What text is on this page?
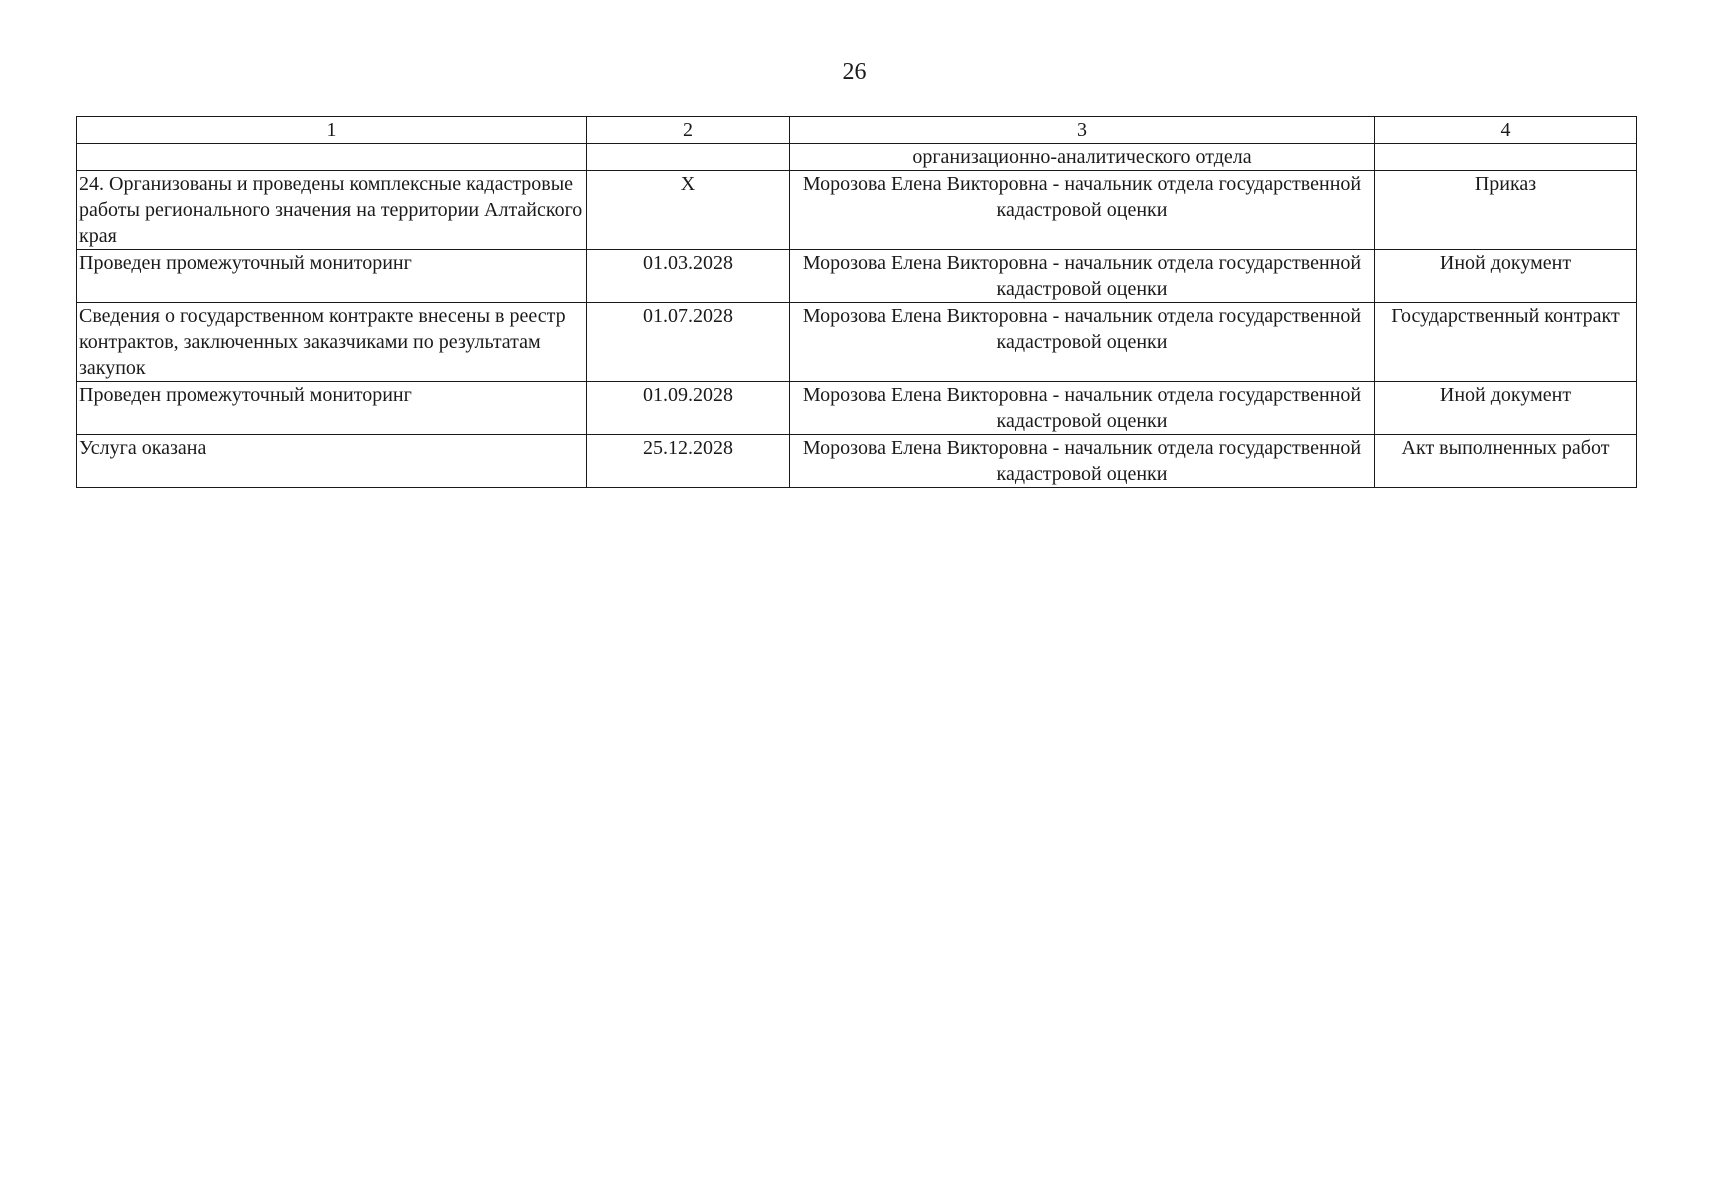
26
1	2	3	4
		организационно-аналитического отдела	
24. Организованы и проведены комплексные кадастровые работы регионального значения на территории Алтайского края	X	Морозова Елена Викторовна - начальник отдела государственной кадастровой оценки	Приказ
Проведен промежуточный мониторинг	01.03.2028	Морозова Елена Викторовна - начальник отдела государственной кадастровой оценки	Иной документ
Сведения о государственном контракте внесены в реестр контрактов, заключенных заказчиками по результатам закупок	01.07.2028	Морозова Елена Викторовна - начальник отдела государственной кадастровой оценки	Государственный контракт
Проведен промежуточный мониторинг	01.09.2028	Морозова Елена Викторовна - начальник отдела государственной кадастровой оценки	Иной документ
Услуга оказана	25.12.2028	Морозова Елена Викторовна - начальник отдела государственной кадастровой оценки	Акт выполненных работ
